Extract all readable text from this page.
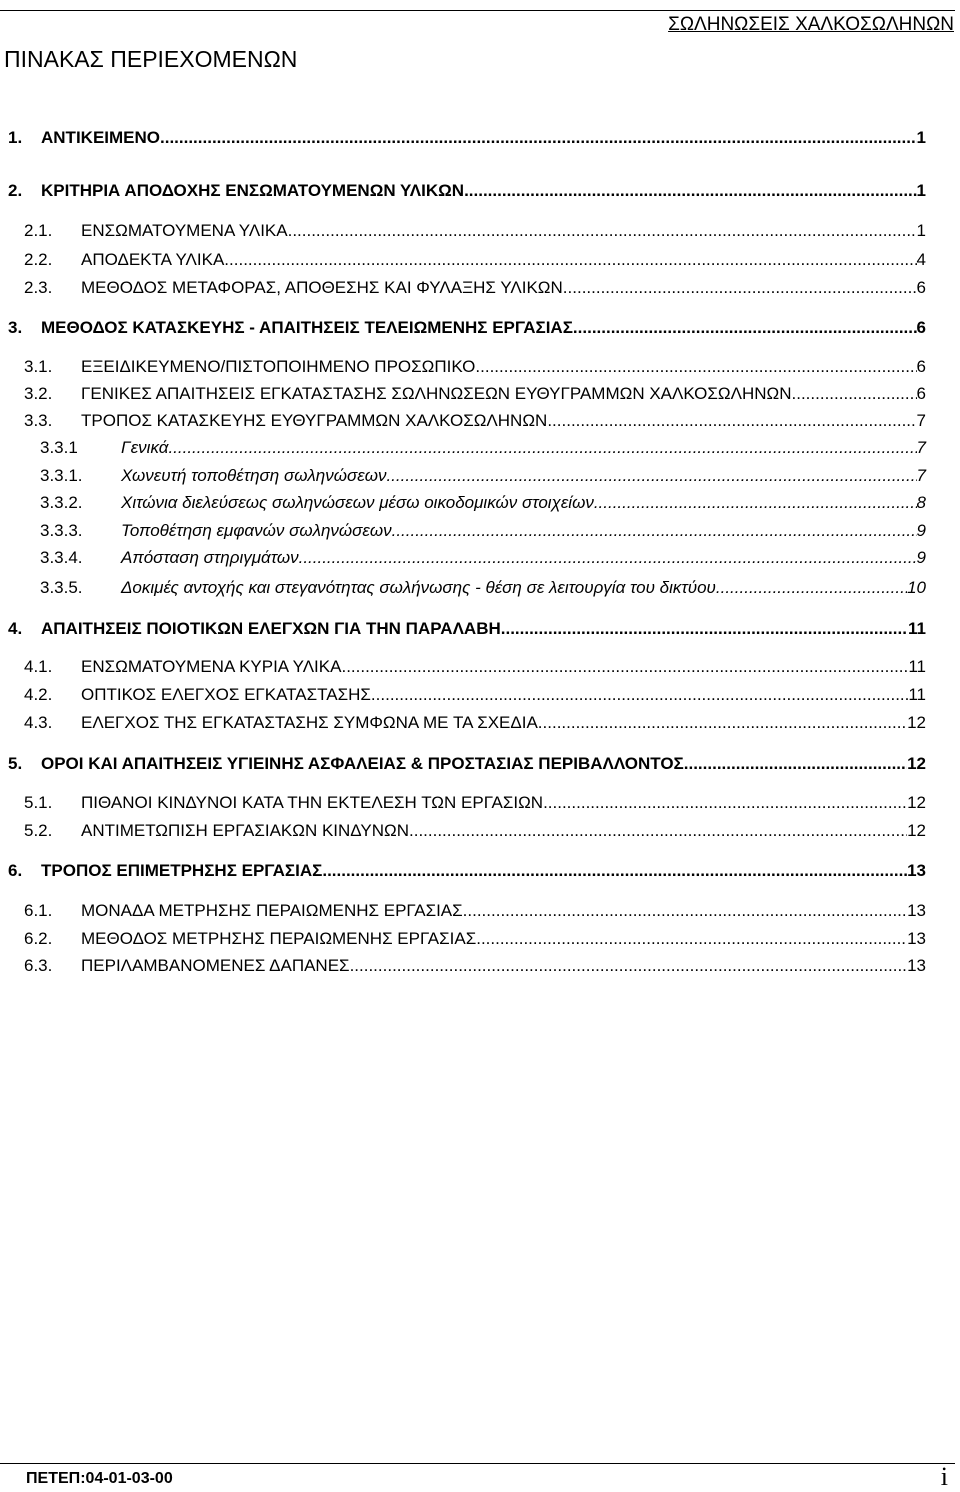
ΣΩΛΗΝΩΣΕΙΣ ΧΑΛΚΟΣΩΛΗΝΩΝ
ΠΙΝΑΚΑΣ ΠΕΡΙΕΧΟΜΕΝΩΝ
1.	ΑΝΤΙΚΕΙΜΕΝΟ .....	1
2.	ΚΡΙΤΗΡΙΑ ΑΠΟΔΟΧΗΣ ΕΝΣΩΜΑΤΟΥΜΕΝΩΝ ΥΛΙΚΩΝ .....	1
2.1.	ΕΝΣΩΜΑΤΟΥΜΕΝΑ ΥΛΙΚΑ .....	1
2.2.	ΑΠΟΔΕΚΤΑ ΥΛΙΚΑ .....	4
2.3.	ΜΕΘΟΔΟΣ ΜΕΤΑΦΟΡΑΣ, ΑΠΟΘΕΣΗΣ ΚΑΙ ΦΥΛΑΞΗΣ ΥΛΙΚΩΝ .....	6
3.	ΜΕΘΟΔΟΣ ΚΑΤΑΣΚΕΥΗΣ - ΑΠΑΙΤΗΣΕΙΣ ΤΕΛΕΙΩΜΕΝΗΣ ΕΡΓΑΣΙΑΣ .....	6
3.1.	ΕΞΕΙΔΙΚΕΥΜΕΝΟ/ΠΙΣΤΟΠΟΙΗΜΕΝΟ ΠΡΟΣΩΠΙΚΟ .....	6
3.2.	ΓΕΝΙΚΕΣ ΑΠΑΙΤΗΣΕΙΣ ΕΓΚΑΤΑΣΤΑΣΗΣ ΣΩΛΗΝΩΣΕΩΝ ΕΥΘΥΓΡΑΜΜΩΝ ΧΑΛΚΟΣΩΛΗΝΩΝ .....	6
3.3.	ΤΡΟΠΟΣ ΚΑΤΑΣΚΕΥΗΣ ΕΥΘΥΓΡΑΜΜΩΝ ΧΑΛΚΟΣΩΛΗΝΩΝ .....	7
3.3.1	Γενικά .....	7
3.3.1.	Χωνευτή τοποθέτηση σωληνώσεων .....	7
3.3.2.	Χιτώνια διελεύσεως σωληνώσεων μέσω οικοδομικών στοιχείων .....	8
3.3.3.	Τοποθέτηση εμφανών σωληνώσεων .....	9
3.3.4.	Απόσταση στηριγμάτων .....	9
3.3.5.	Δοκιμές αντοχής και στεγανότητας σωλήνωσης - θέση σε λειτουργία του δικτύου .....	10
4.	ΑΠΑΙΤΗΣΕΙΣ ΠΟΙΟΤΙΚΩΝ ΕΛΕΓΧΩΝ ΓΙΑ ΤΗΝ ΠΑΡΑΛΑΒΗ .....	11
4.1.	ΕΝΣΩΜΑΤΟΥΜΕΝΑ ΚΥΡΙΑ ΥΛΙΚΑ .....	11
4.2.	ΟΠΤΙΚΟΣ ΕΛΕΓΧΟΣ ΕΓΚΑΤΑΣΤΑΣΗΣ .....	11
4.3.	ΕΛΕΓΧΟΣ ΤΗΣ ΕΓΚΑΤΑΣΤΑΣΗΣ ΣΥΜΦΩΝΑ ΜΕ ΤΑ ΣΧΕΔΙΑ .....	12
5.	ΟΡΟΙ ΚΑΙ ΑΠΑΙΤΗΣΕΙΣ ΥΓΙΕΙΝΗΣ ΑΣΦΑΛΕΙΑΣ & ΠΡΟΣΤΑΣΙΑΣ ΠΕΡΙΒΑΛΛΟΝΤΟΣ .....	12
5.1.	ΠΙΘΑΝΟΙ ΚΙΝΔΥΝΟΙ ΚΑΤΑ ΤΗΝ ΕΚΤΕΛΕΣΗ ΤΩΝ ΕΡΓΑΣΙΩΝ .....	12
5.2.	ΑΝΤΙΜΕΤΩΠΙΣΗ ΕΡΓΑΣΙΑΚΩΝ ΚΙΝΔΥΝΩΝ .....	12
6.	ΤΡΟΠΟΣ ΕΠΙΜΕΤΡΗΣΗΣ ΕΡΓΑΣΙΑΣ .....	13
6.1.	ΜΟΝΑΔΑ ΜΕΤΡΗΣΗΣ ΠΕΡΑΙΩΜΕΝΗΣ ΕΡΓΑΣΙΑΣ .....	13
6.2.	ΜΕΘΟΔΟΣ ΜΕΤΡΗΣΗΣ ΠΕΡΑΙΩΜΕΝΗΣ ΕΡΓΑΣΙΑΣ .....	13
6.3.	ΠΕΡΙΛΑΜΒΑΝΟΜΕΝΕΣ ΔΑΠΑΝΕΣ .....	13
ΠΕΤΕΠ:04-01-03-00	i
